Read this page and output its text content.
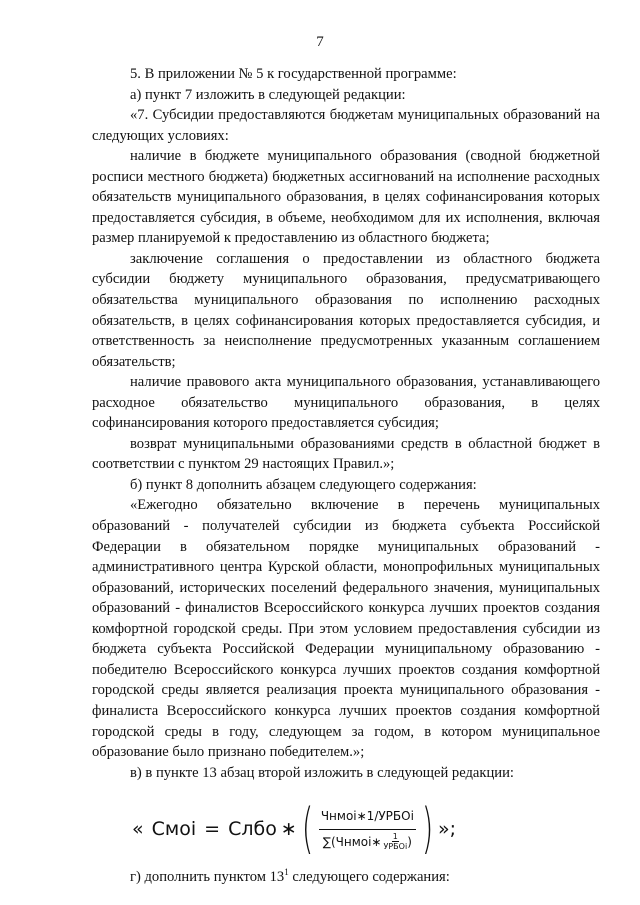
7

5. В приложении № 5 к государственной программе:

а) пункт 7 изложить в следующей редакции:

«7. Субсидии предоставляются бюджетам муниципальных образований на следующих условиях:

наличие в бюджете муниципального образования (сводной бюджетной росписи местного бюджета) бюджетных ассигнований на исполнение расходных обязательств муниципального образования, в целях софинансирования которых предоставляется субсидия, в объеме, необходимом для их исполнения, включая размер планируемой к предоставлению из областного бюджета;

заключение соглашения о предоставлении из областного бюджета субсидии бюджету муниципального образования, предусматривающего обязательства муниципального образования по исполнению расходных обязательств, в целях софинансирования которых предоставляется субсидия, и ответственность за неисполнение предусмотренных указанным соглашением обязательств;

наличие правового акта муниципального образования, устанавливающего расходное обязательство муниципального образования, в целях софинансирования которого предоставляется субсидия;

возврат муниципальными образованиями средств в областной бюджет в соответствии с пунктом 29 настоящих Правил.»;

б) пункт 8 дополнить абзацем следующего содержания:

«Ежегодно обязательно включение в перечень муниципальных образований - получателей субсидии из бюджета субъекта Российской Федерации в обязательном порядке муниципальных образований - административного центра Курской области, монопрофильных муниципальных образований, исторических поселений федерального значения, муниципальных образований - финалистов Всероссийского конкурса лучших проектов создания комфортной городской среды. При этом условием предоставления субсидии из бюджета субъекта Российской Федерации муниципальному образованию - победителю Всероссийского конкурса лучших проектов создания комфортной городской среды является реализация проекта муниципального образования - финалиста Всероссийского конкурса лучших проектов создания комфортной городской среды в году, следующем за годом, в котором муниципальное образование было признано победителем.»;

в) в пункте 13 абзац второй изложить в следующей редакции:

« Смоi = Слбо ∗ ( Чнмоi∗1/УРБОi
∑(Чнмоi∗ 1
УРБОi ) ) »;

г) дополнить пунктом $13^1$ следующего содержания:
